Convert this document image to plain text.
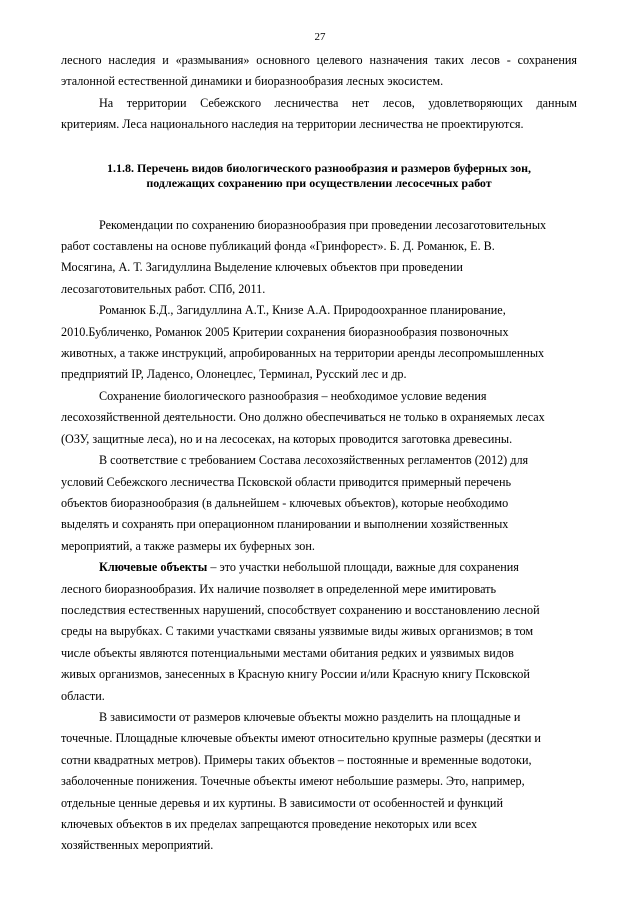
27
лесного наследия и «размывания» основного целевого назначения таких лесов - сохранения
эталонной естественной динамики и биоразнообразия лесных экосистем.
На территории Себежского лесничества нет лесов, удовлетворяющих данным
критериям. Леса национального наследия на территории лесничества не проектируются.
1.1.8. Перечень видов биологического разнообразия и размеров буферных зон,
подлежащих сохранению при осуществлении лесосечных работ
Рекомендации по сохранению биоразнообразия при проведении лесозаготовительных
работ составлены на основе публикаций фонда «Гринфорест». Б. Д. Романюк, Е. В.
Мосягина, А. Т. Загидуллина Выделение ключевых объектов при проведении
лесозаготовительных работ. СПб, 2011.
Романюк Б.Д., Загидуллина А.Т., Книзе А.А. Природоохранное планирование,
2010.Бубличенко, Романюк 2005 Критерии сохранения биоразнообразия позвоночных
животных, а также инструкций, апробированных на территории аренды лесопромышленных
предприятий IP, Ладенсо, Олонецлес, Терминал, Русский лес и др.
Сохранение биологического разнообразия – необходимое условие ведения
лесохозяйственной деятельности. Оно должно обеспечиваться не только в охраняемых лесах
(ОЗУ, защитные леса), но и на лесосеках, на которых проводится заготовка древесины.
В соответствие с требованием Состава лесохозяйственных регламентов (2012) для
условий Себежского лесничества Псковской области приводится примерный перечень
объектов биоразнообразия (в дальнейшем - ключевых объектов), которые необходимо
выделять и сохранять при операционном планировании и выполнении хозяйственных
мероприятий, а также размеры их буферных зон.
Ключевые объекты – это участки небольшой площади, важные для сохранения
лесного биоразнообразия. Их наличие позволяет в определенной мере имитировать
последствия естественных нарушений, способствует сохранению и восстановлению лесной
среды на вырубках. С такими участками связаны уязвимые виды живых организмов; в том
числе объекты являются потенциальными местами обитания редких и уязвимых видов
живых организмов, занесенных в Красную книгу России и/или Красную книгу Псковской
области.
В зависимости от размеров ключевые объекты можно разделить на площадные и
точечные. Площадные ключевые объекты имеют относительно крупные размеры (десятки и
сотни квадратных метров). Примеры таких объектов – постоянные и временные водотоки,
заболоченные понижения. Точечные объекты имеют небольшие размеры. Это, например,
отдельные ценные деревья и их куртины. В зависимости от особенностей и функций
ключевых объектов в их пределах запрещаются проведение некоторых или всех
хозяйственных мероприятий.
